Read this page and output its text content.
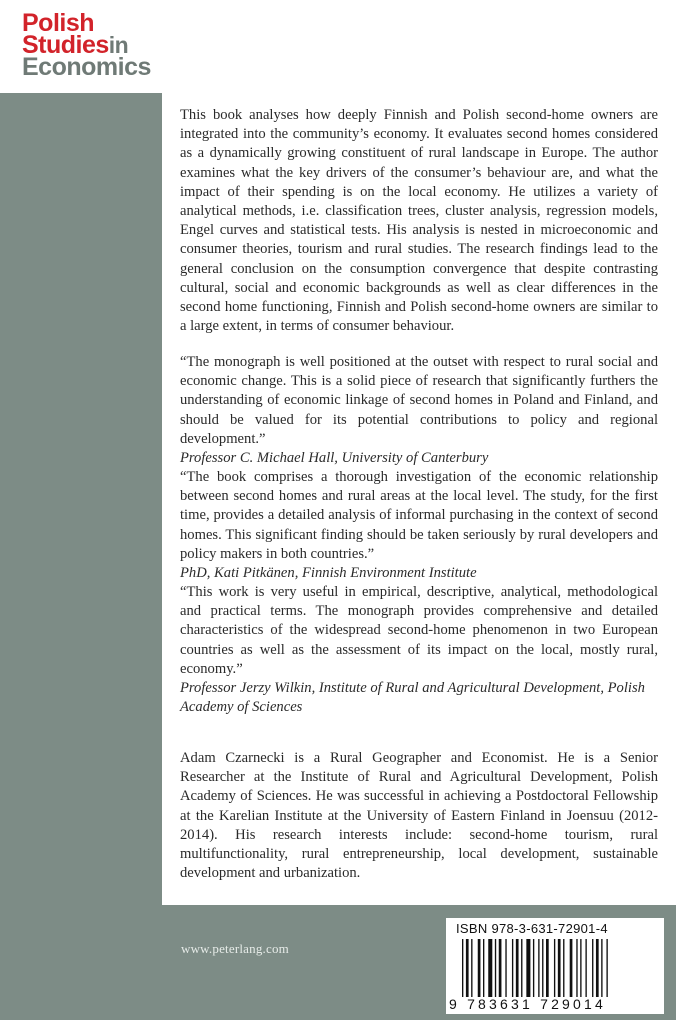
Polish
Studiesin
Economics

This book analyses how deeply Finnish and Polish second-home owners are integrated into the community’s economy. It evaluates second homes considered as a dynamically growing constituent of rural landscape in Europe. The author examines what the key drivers of the consumer’s behaviour are, and what the impact of their spending is on the local economy. He utilizes a variety of analytical methods, i.e. classification trees, cluster analysis, regression models, Engel curves and statistical tests. His analysis is nested in microeconomic and consumer theories, tourism and rural studies. The research findings lead to the general conclusion on the consumption convergence that despite contrasting cultural, social and economic backgrounds as well as clear differences in the second home functioning, Finnish and Polish second-home owners are similar to a large extent, in terms of consumer behaviour.

“The monograph is well positioned at the outset with respect to rural social and economic change. This is a solid piece of research that significantly furthers the understanding of economic linkage of second homes in Poland and Finland, and should be valued for its potential contributions to policy and regional development.”

Professor C. Michael Hall, University of Canterbury

“The book comprises a thorough investigation of the economic relationship between second homes and rural areas at the local level. The study, for the first time, provides a detailed analysis of informal purchasing in the context of second homes. This significant finding should be taken seriously by rural developers and policy makers in both countries.”

PhD, Kati Pitkänen, Finnish Environment Institute

“This work is very useful in empirical, descriptive, analytical, methodological and practical terms. The monograph provides comprehensive and detailed characteristics of the widespread second-home phenomenon in two European countries as well as the assessment of its impact on the local, mostly rural, economy.”

Professor Jerzy Wilkin, Institute of Rural and Agricultural Development, Polish Academy of Sciences

Adam Czarnecki is a Rural Geographer and Economist. He is a Senior Researcher at the Institute of Rural and Agricultural Development, Polish Academy of Sciences. He was successful in achieving a Postdoctoral Fellowship at the Karelian Institute at the University of Eastern Finland in Joensuu (2012-2014). His research interests include: second-home tourism, rural multifunctionality, rural entrepreneurship, local development, sustainable development and urbanization.

www.peterlang.com
ISBN 978-3-631-72901-4
9 783631 729014
